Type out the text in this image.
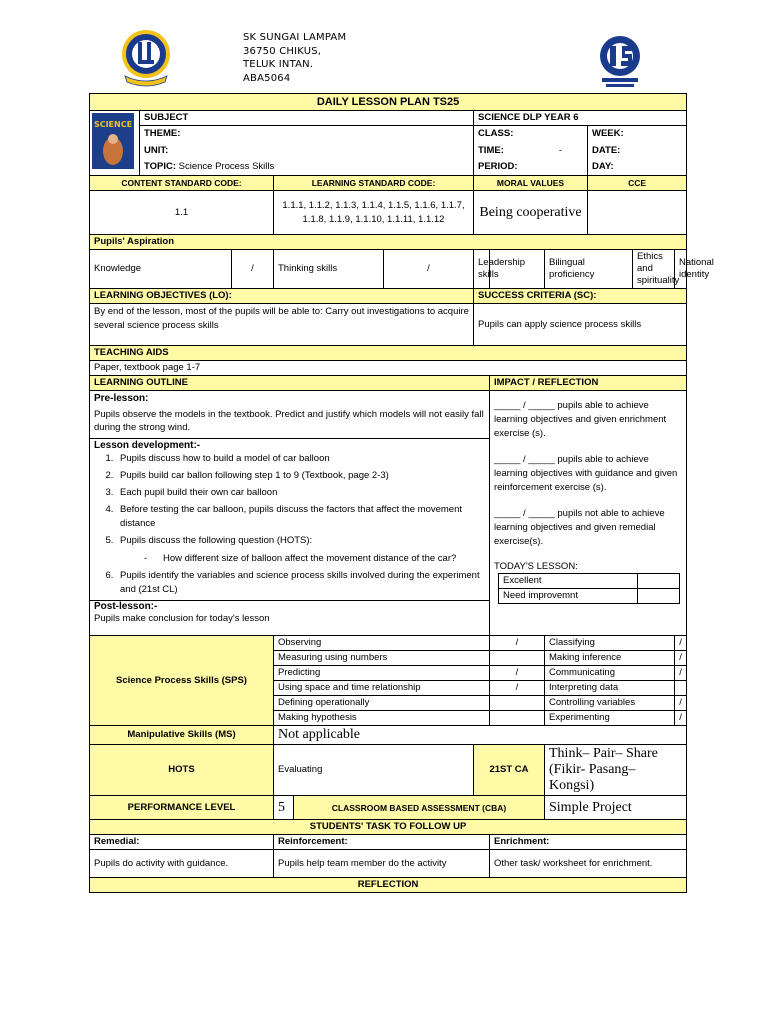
SK SUNGAI LAMPAM
36750 CHIKUS,
TELUK INTAN.
ABA5064
DAILY LESSON PLAN TS25

SCIENCE
	SUBJECT	SCIENCE DLP YEAR 6
THEME:	CLASS:	WEEK:
UNIT:	TIME:	-	DATE:
TOPIC: Science Process Skills	PERIOD:	DAY:
CONTENT STANDARD CODE:	LEARNING STANDARD CODE:	MORAL VALUES	CCE
1.1	1.1.1, 1.1.2, 1.1.3, 1.1.4, 1.1.5, 1.1.6, 1.1.7, 1.1.8, 1.1.9, 1.1.10, 1.1.11, 1.1.12	Being cooperative	
Pupils' Aspiration
Knowledge	/	Thinking skills	/	Leadership skills		Bilingual proficiency	Ethics and spirituality	National identity
LEARNING OBJECTIVES (LO):	SUCCESS CRITERIA (SC):
By end of the lesson, most of the pupils will be able to: Carry out investigations to acquire several science process skills	Pupils can apply science process skills
TEACHING AIDS
Paper, textbook page 1-7
LEARNING OUTLINE	IMPACT / REFLECTION

Pre-lesson:
Pupils observe the models in the textbook. Predict and justify which models will not easily fall during the strong wind.
Lesson development:-
1. Pupils discuss how to build a model of car balloon
2. Pupils build car ballon following step 1 to 9 (Textbook, page 2-3)
3. Each pupil build their own car balloon
4. Before testing the car balloon, pupils discuss the factors that affect the movement distance
5. Pupils discuss the following question (HOTS):
-      How different size of balloon affect the movement distance of the car?
6. Pupils identify the variables and science process skills involved during the experiment and (21st CL)
Post-lesson:-
Pupils make conclusion for today's lesson

_____ / _____ pupils able to achieve learning objectives and given enrichment exercise (s).

_____ / _____ pupils able to achieve learning objectives with guidance and given reinforcement exercise (s).

_____ / _____ pupils not able to achieve learning objectives and given remedial exercise(s).

TODAY'S LESSON:
Excellent	
Need improvemnt	

Science Process Skills (SPS)	Observing	/	Classifying	/
Measuring using numbers		Making inference	/
Predicting	/	Communicating	/
Using space and time relationship	/	Interpreting data	
Defining operationally		Controlling variables	/
Making hypothesis		Experimenting	/
Manipulative Skills (MS)	Not applicable
HOTS	Evaluating	21ST CA	Think– Pair– Share (Fikir- Pasang– Kongsi)
PERFORMANCE LEVEL	5	CLASSROOM BASED ASSESSMENT (CBA)	Simple Project
STUDENTS' TASK TO FOLLOW UP
Remedial:	Reinforcement:	Enrichment:
Pupils do activity with guidance.	Pupils help team member do the activity	Other task/ worksheet for enrichment.
REFLECTION
